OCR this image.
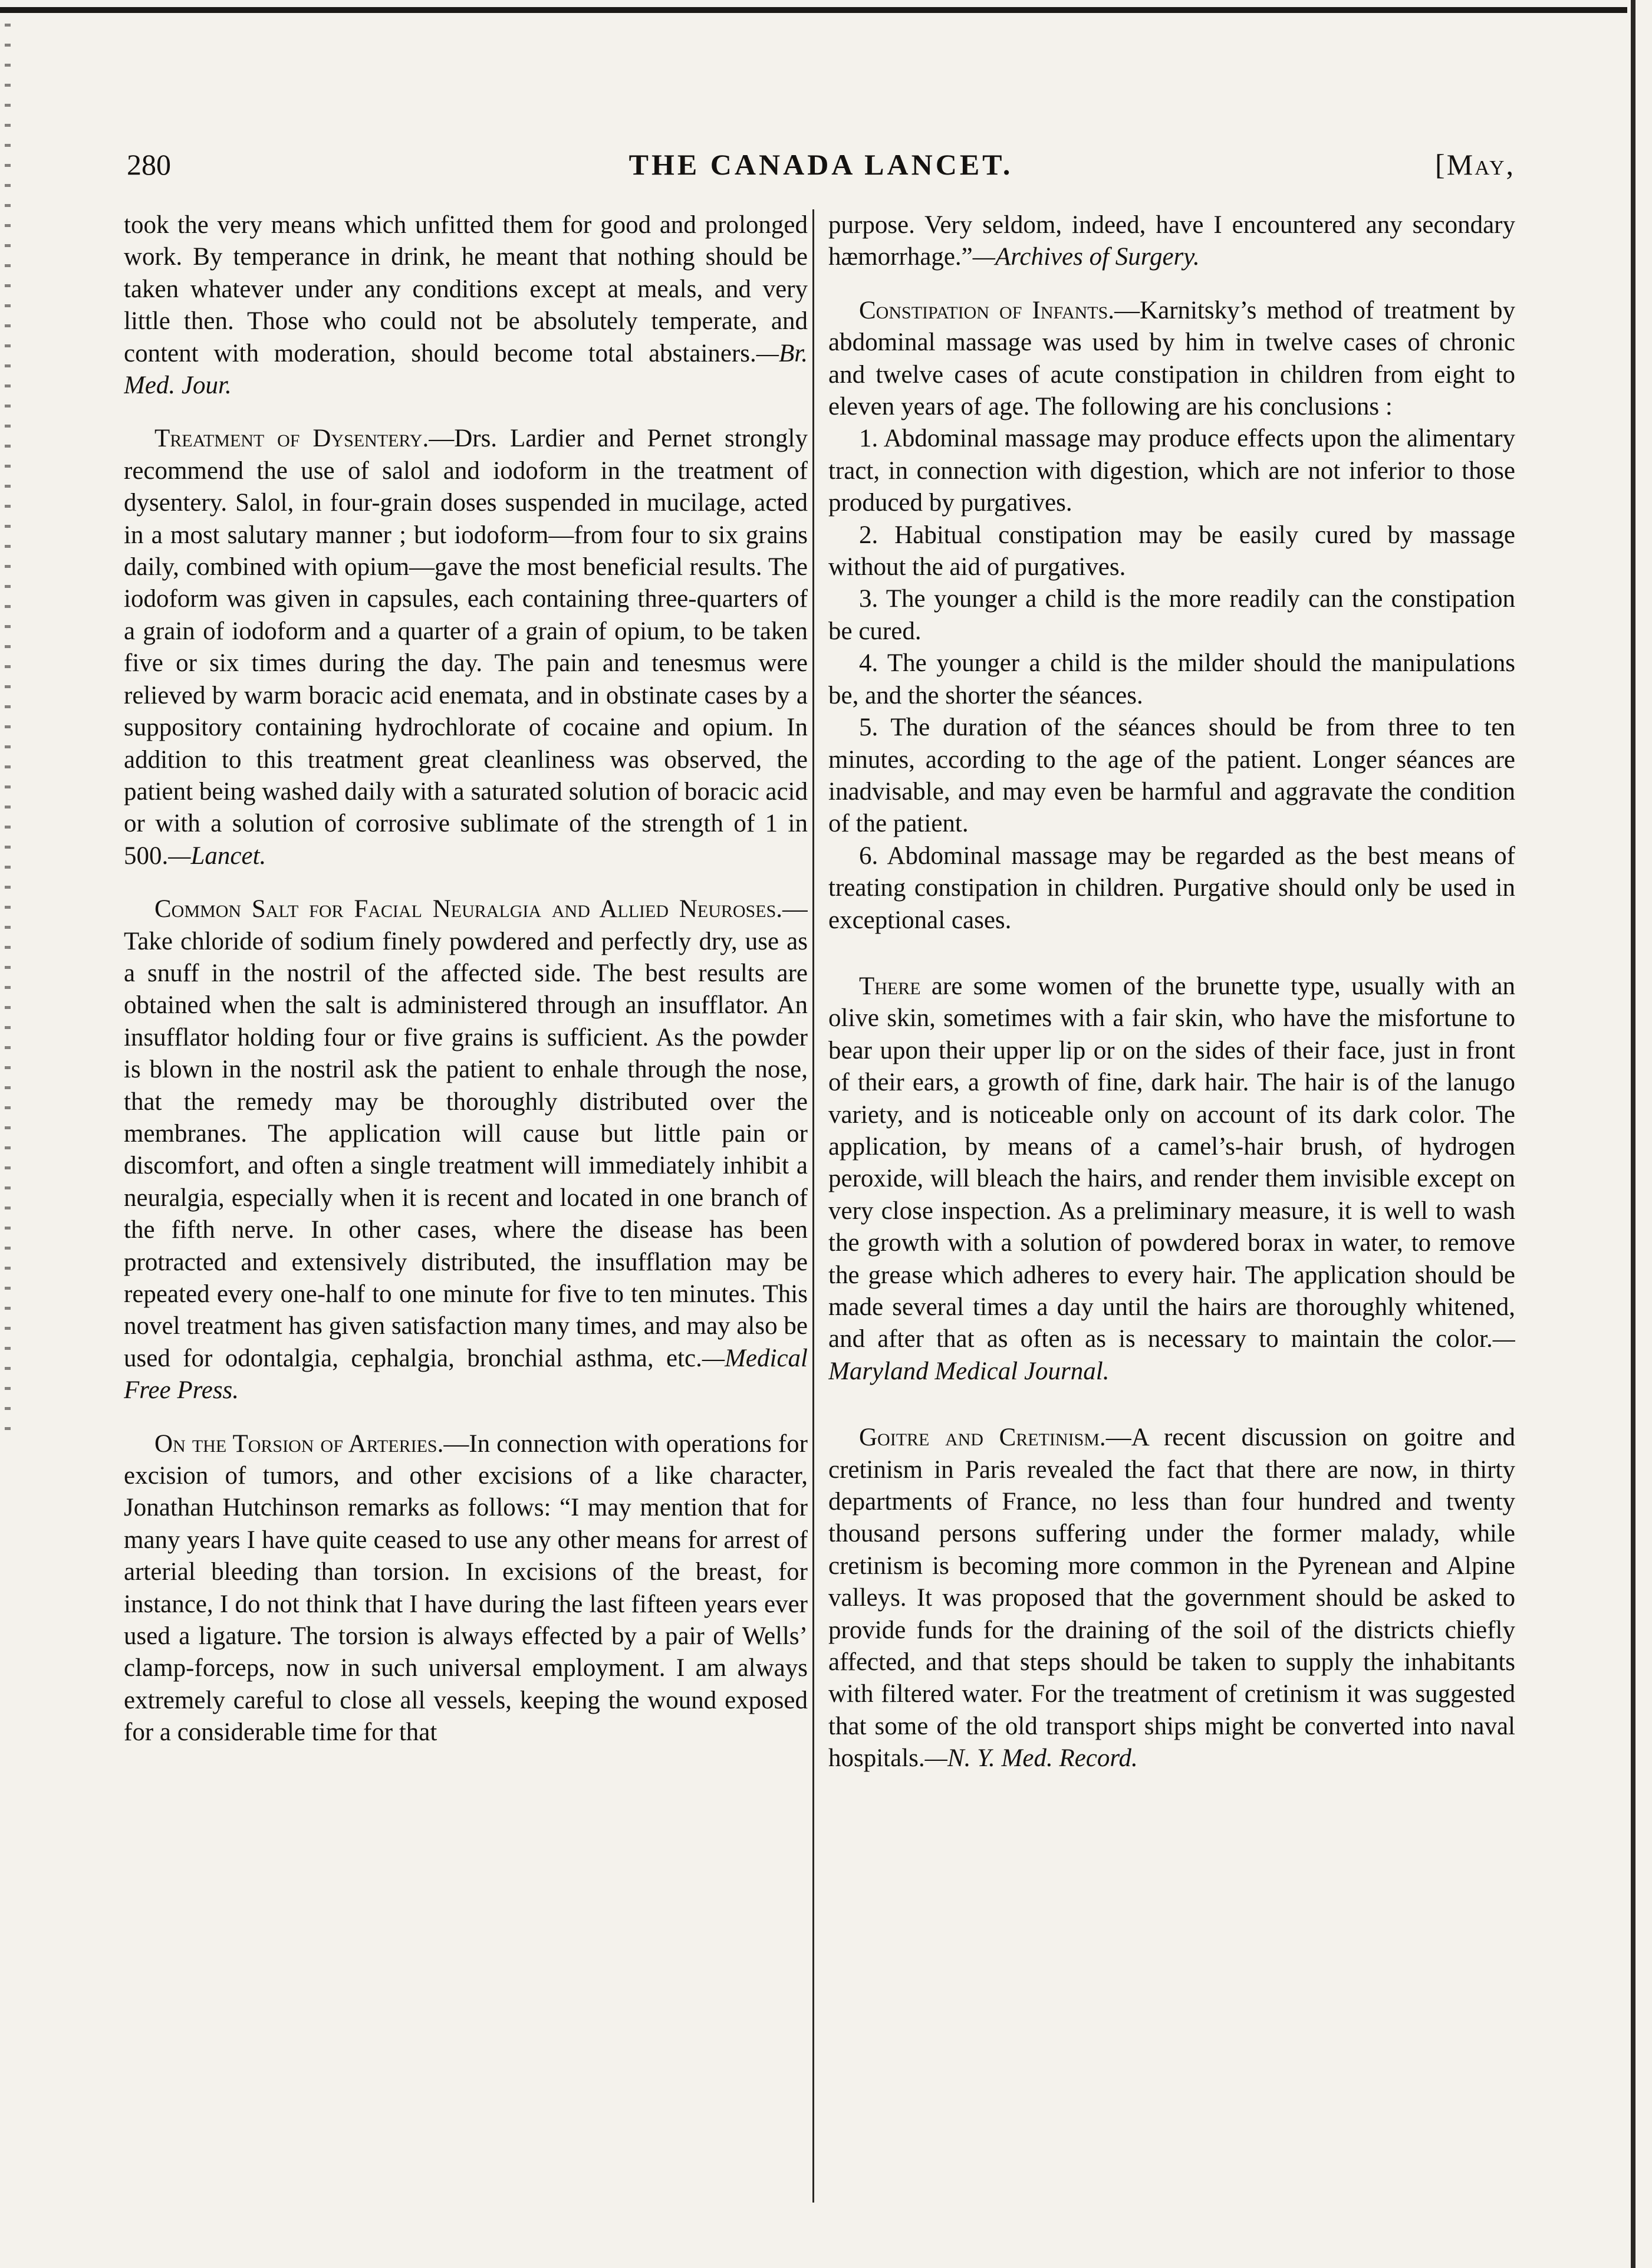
280	THE CANADA LANCET.	[May,

took the very means which unfitted them for good and prolonged work. By temperance in drink, he meant that nothing should be taken whatever under any conditions except at meals, and very little then. Those who could not be absolutely temperate, and content with moderation, should become total abstainers.—Br. Med. Jour.

Treatment of Dysentery.—Drs. Lardier and Pernet strongly recommend the use of salol and iodoform in the treatment of dysentery. Salol, in four-grain doses suspended in mucilage, acted in a most salutary manner ; but iodoform—from four to six grains daily, combined with opium—gave the most beneficial results. The iodoform was given in capsules, each containing three-quarters of a grain of iodoform and a quarter of a grain of opium, to be taken five or six times during the day. The pain and tenesmus were relieved by warm boracic acid enemata, and in obstinate cases by a suppository containing hydrochlorate of cocaine and opium. In addition to this treatment great cleanliness was observed, the patient being washed daily with a saturated solution of boracic acid or with a solution of corrosive sublimate of the strength of 1 in 500.—Lancet.

Common Salt for Facial Neuralgia and Allied Neuroses.—Take chloride of sodium finely powdered and perfectly dry, use as a snuff in the nostril of the affected side. The best results are obtained when the salt is administered through an insufflator. An insufflator holding four or five grains is sufficient. As the powder is blown in the nostril ask the patient to enhale through the nose, that the remedy may be thoroughly distributed over the membranes. The application will cause but little pain or discomfort, and often a single treatment will immediately inhibit a neuralgia, especially when it is recent and located in one branch of the fifth nerve. In other cases, where the disease has been protracted and extensively distributed, the insufflation may be repeated every one-half to one minute for five to ten minutes. This novel treatment has given satisfaction many times, and may also be used for odontalgia, cephalgia, bronchial asthma, etc.—Medical Free Press.

On the Torsion of Arteries.—In connection with operations for excision of tumors, and other excisions of a like character, Jonathan Hutchinson remarks as follows: “I may mention that for many years I have quite ceased to use any other means for arrest of arterial bleeding than torsion. In excisions of the breast, for instance, I do not think that I have during the last fifteen years ever used a ligature. The torsion is always effected by a pair of Wells’ clamp-forceps, now in such universal employment. I am always extremely careful to close all vessels, keeping the wound exposed for a considerable time for that

purpose. Very seldom, indeed, have I encountered any secondary hæmorrhage.”—Archives of Surgery.

Constipation of Infants.—Karnitsky’s method of treatment by abdominal massage was used by him in twelve cases of chronic and twelve cases of acute constipation in children from eight to eleven years of age. The following are his conclusions :

1. Abdominal massage may produce effects upon the alimentary tract, in connection with digestion, which are not inferior to those produced by purgatives.

2. Habitual constipation may be easily cured by massage without the aid of purgatives.

3. The younger a child is the more readily can the constipation be cured.

4. The younger a child is the milder should the manipulations be, and the shorter the séances.

5. The duration of the séances should be from three to ten minutes, according to the age of the patient. Longer séances are inadvisable, and may even be harmful and aggravate the condition of the patient.

6. Abdominal massage may be regarded as the best means of treating constipation in children. Purgative should only be used in exceptional cases.

There are some women of the brunette type, usually with an olive skin, sometimes with a fair skin, who have the misfortune to bear upon their upper lip or on the sides of their face, just in front of their ears, a growth of fine, dark hair. The hair is of the lanugo variety, and is noticeable only on account of its dark color. The application, by means of a camel’s-hair brush, of hydrogen peroxide, will bleach the hairs, and render them invisible except on very close inspection. As a preliminary measure, it is well to wash the growth with a solution of powdered borax in water, to remove the grease which adheres to every hair. The application should be made several times a day until the hairs are thoroughly whitened, and after that as often as is necessary to maintain the color.—Maryland Medical Journal.

Goitre and Cretinism.—A recent discussion on goitre and cretinism in Paris revealed the fact that there are now, in thirty departments of France, no less than four hundred and twenty thousand persons suffering under the former malady, while cretinism is becoming more common in the Pyrenean and Alpine valleys. It was proposed that the government should be asked to provide funds for the draining of the soil of the districts chiefly affected, and that steps should be taken to supply the inhabitants with filtered water. For the treatment of cretinism it was suggested that some of the old transport ships might be converted into naval hospitals.—N. Y. Med. Record.
